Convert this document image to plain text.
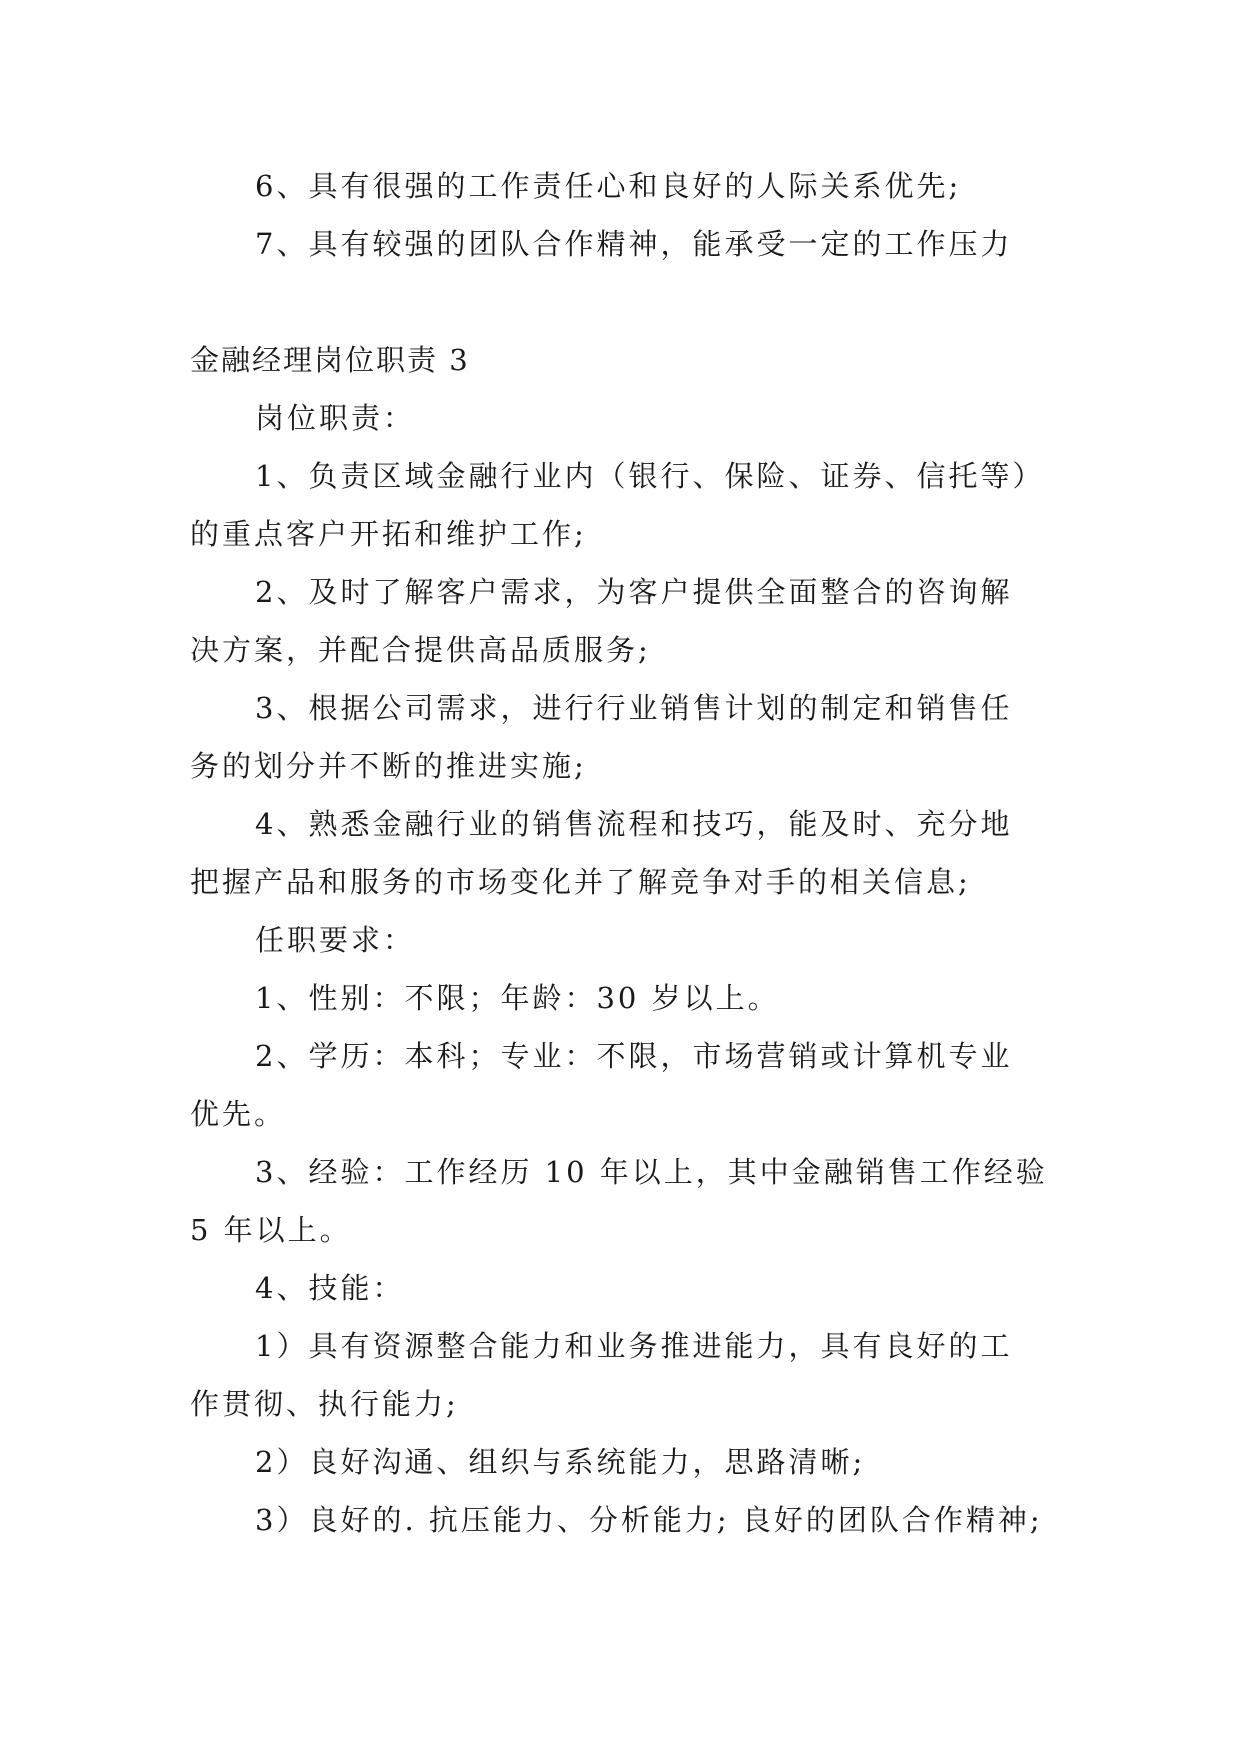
6、具有很强的工作责任心和良好的人际关系优先;
7、具有较强的团队合作精神，能承受一定的工作压力
金融经理岗位职责 3
岗位职责：
1、负责区域金融行业内（银行、保险、证券、信托等）
的重点客户开拓和维护工作;
2、及时了解客户需求，为客户提供全面整合的咨询解
决方案，并配合提供高品质服务;
3、根据公司需求，进行行业销售计划的制定和销售任
务的划分并不断的推进实施;
4、熟悉金融行业的销售流程和技巧，能及时、充分地
把握产品和服务的市场变化并了解竞争对手的相关信息;
任职要求：
1、性别：不限；年龄：30 岁以上。
2、学历：本科；专业：不限，市场营销或计算机专业
优先。
3、经验：工作经历 10 年以上，其中金融销售工作经验
5 年以上。
4、技能：
1）具有资源整合能力和业务推进能力，具有良好的工
作贯彻、执行能力;
2）良好沟通、组织与系统能力，思路清晰;
3）良好的. 抗压能力、分析能力; 良好的团队合作精神;
